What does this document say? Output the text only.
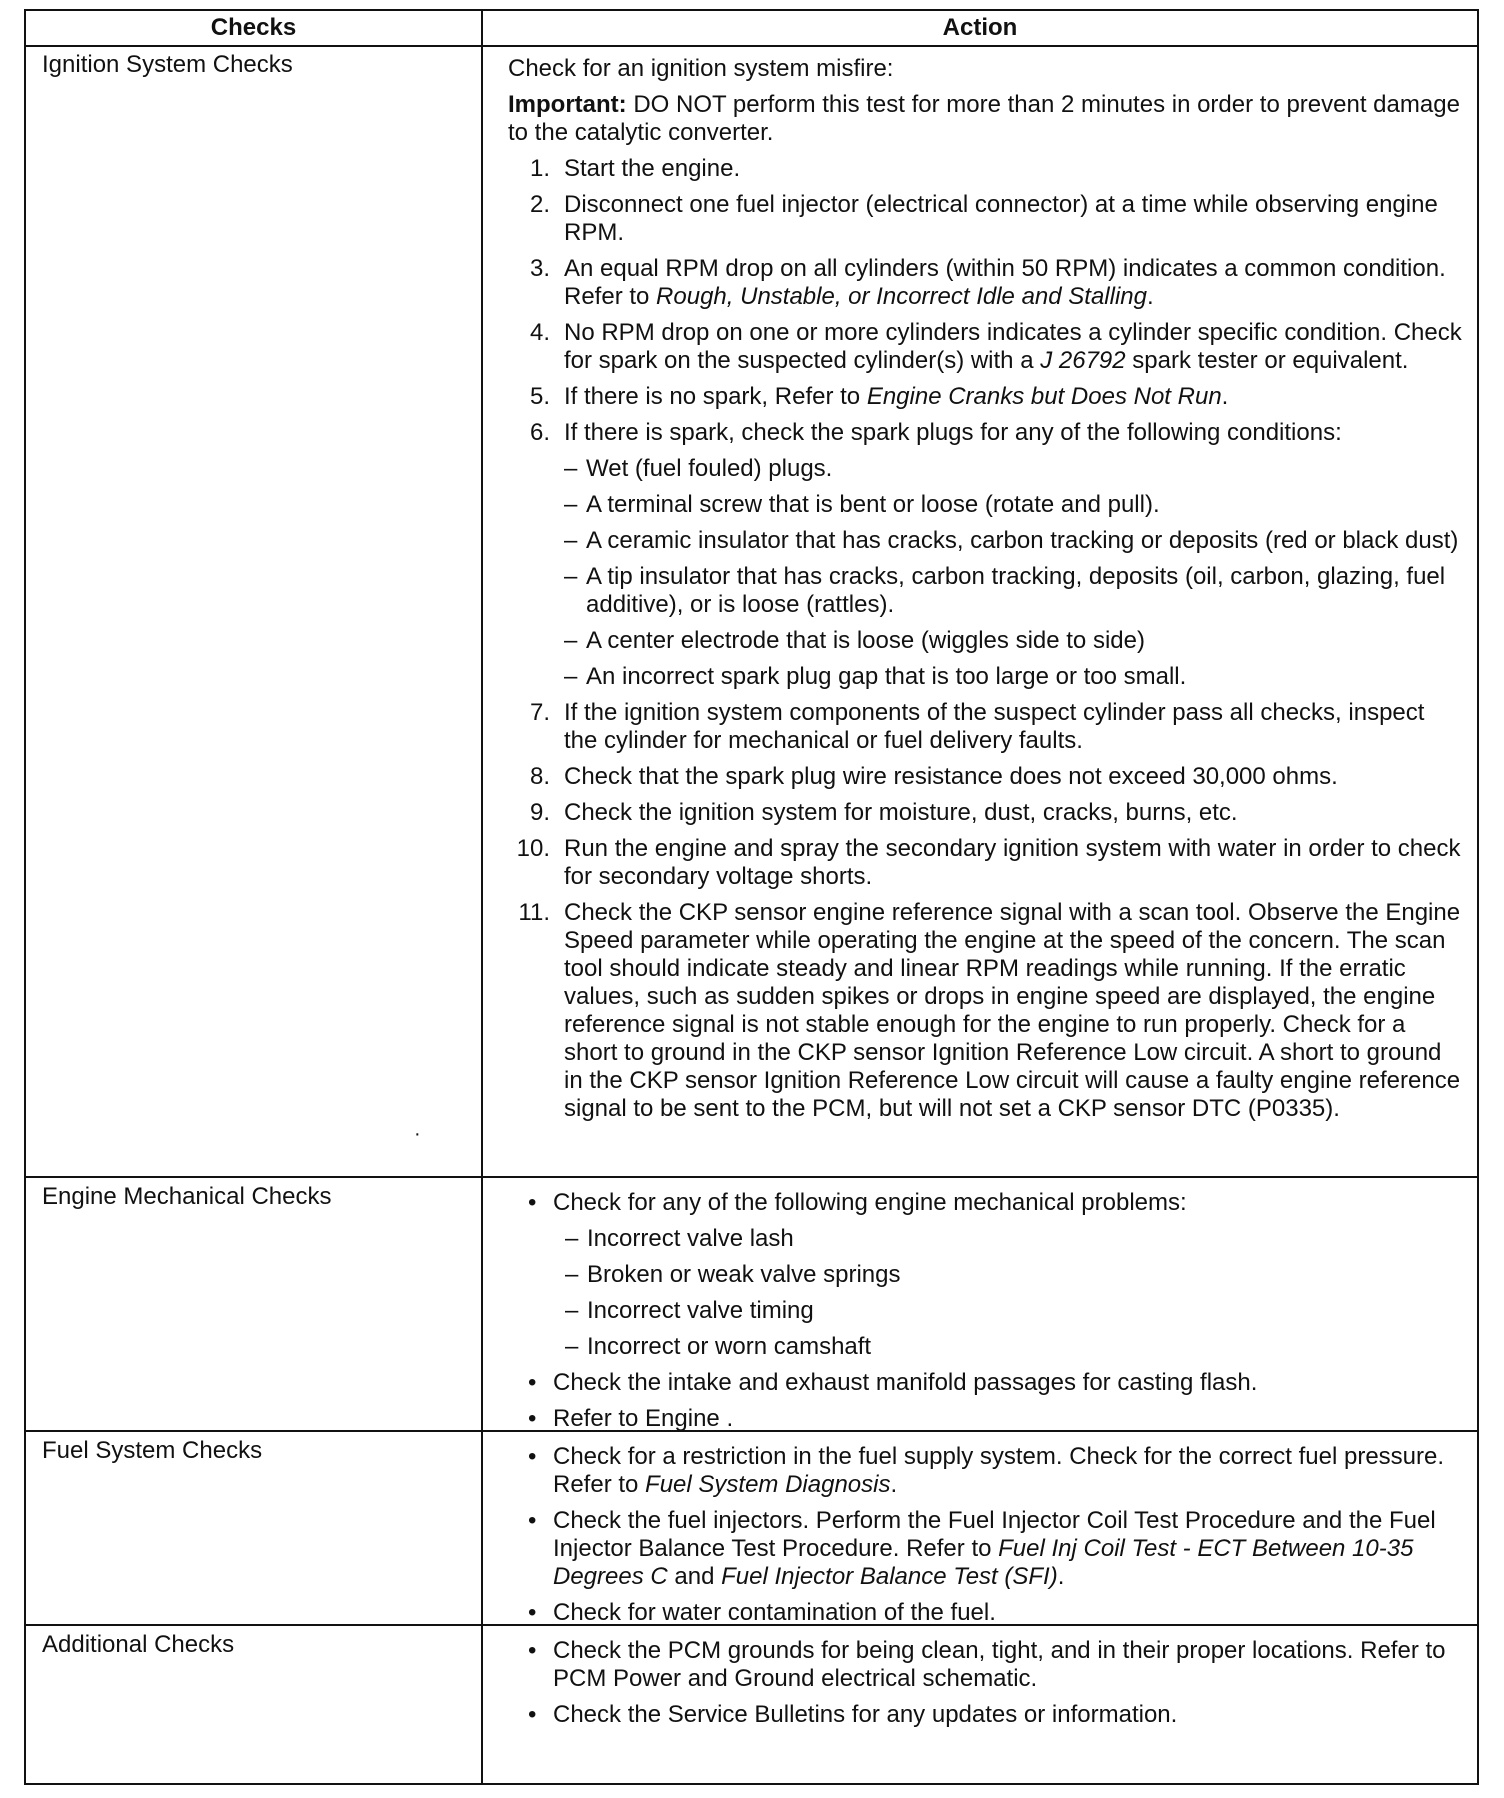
Checks	Action
Ignition System Checks	Check for an ignition system misfire:
Important: DO NOT perform this test for more than 2 minutes in order to prevent damage to the catalytic converter.
1. Start the engine.
2. Disconnect one fuel injector (electrical connector) at a time while observing engine RPM.
3. An equal RPM drop on all cylinders (within 50 RPM) indicates a common condition. Refer to Rough, Unstable, or Incorrect Idle and Stalling.
4. No RPM drop on one or more cylinders indicates a cylinder specific condition. Check for spark on the suspected cylinder(s) with a J 26792 spark tester or equivalent.
5. If there is no spark, Refer to Engine Cranks but Does Not Run.
6. If there is spark, check the spark plugs for any of the following conditions:
– Wet (fuel fouled) plugs.
– A terminal screw that is bent or loose (rotate and pull).
– A ceramic insulator that has cracks, carbon tracking or deposits (red or black dust)
– A tip insulator that has cracks, carbon tracking, deposits (oil, carbon, glazing, fuel additive), or is loose (rattles).
– A center electrode that is loose (wiggles side to side)
– An incorrect spark plug gap that is too large or too small.
7. If the ignition system components of the suspect cylinder pass all checks, inspect the cylinder for mechanical or fuel delivery faults.
8. Check that the spark plug wire resistance does not exceed 30,000 ohms.
9. Check the ignition system for moisture, dust, cracks, burns, etc.
10. Run the engine and spray the secondary ignition system with water in order to check for secondary voltage shorts.
11. Check the CKP sensor engine reference signal with a scan tool. Observe the Engine Speed parameter while operating the engine at the speed of the concern. The scan tool should indicate steady and linear RPM readings while running. If the erratic values, such as sudden spikes or drops in engine speed are displayed, the engine reference signal is not stable enough for the engine to run properly. Check for a short to ground in the CKP sensor Ignition Reference Low circuit. A short to ground in the CKP sensor Ignition Reference Low circuit will cause a faulty engine reference signal to be sent to the PCM, but will not set a CKP sensor DTC (P0335).
Engine Mechanical Checks	• Check for any of the following engine mechanical problems:
– Incorrect valve lash
– Broken or weak valve springs
– Incorrect valve timing
– Incorrect or worn camshaft
• Check the intake and exhaust manifold passages for casting flash.
• Refer to Engine .
Fuel System Checks	• Check for a restriction in the fuel supply system. Check for the correct fuel pressure. Refer to Fuel System Diagnosis.
• Check the fuel injectors. Perform the Fuel Injector Coil Test Procedure and the Fuel Injector Balance Test Procedure. Refer to Fuel Inj Coil Test - ECT Between 10-35 Degrees C and Fuel Injector Balance Test (SFI).
• Check for water contamination of the fuel.
Additional Checks	• Check the PCM grounds for being clean, tight, and in their proper locations. Refer to PCM Power and Ground electrical schematic.
• Check the Service Bulletins for any updates or information.
·
